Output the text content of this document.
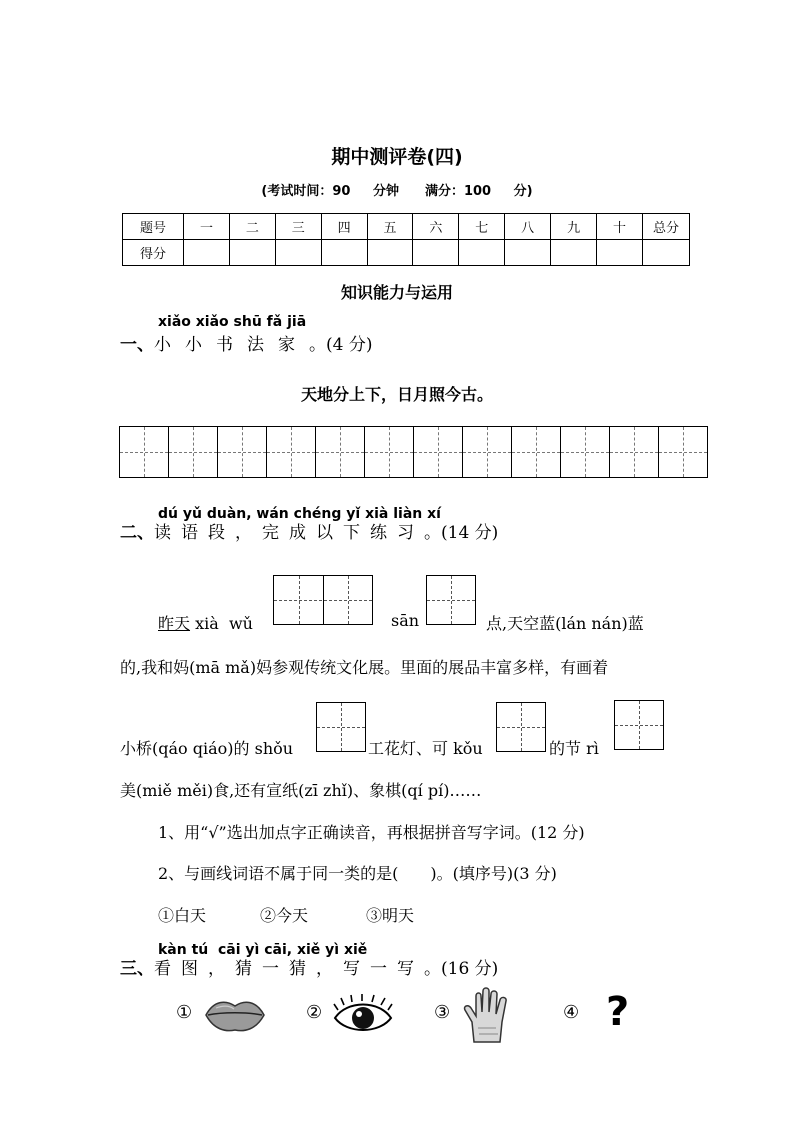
期中测评卷(四)
(考试时间：90 分钟　　满分：100 分)
题号	一	二	三	四	五	六	七	八	九	十	总分
得分											
知识能力与运用
xiǎo xiǎo shū fǎ jiā
一、小小书法家。(4 分)
天地分上下，日月照今古。
dú yǔ duàn, wán chéng yǐ xià liàn xí
二、读语段，完成以下练习。(14 分)
昨天 xià  wǔ	sān	点,天空蓝(lán nán)蓝
的,我和妈(mā mǎ)妈参观传统文化展。里面的展品丰富多样，有画着
小桥(qáo qiáo)的 shǒu	工花灯、可 kǒu	的节 rì
美(miě měi)食,还有宣纸(zī zhǐ)、象棋(qí pí)……
1、用“√”选出加点字正确读音，再根据拼音写字词。(12 分)
2、与画线词语不属于同一类的是(　　)。(填序号)(3 分)
①白天	②今天	③明天
kàn tú  cāi yì cāi, xiě yì xiě
三、看图，猜一猜，写一写。(16 分)
①	②	③	④ ?
